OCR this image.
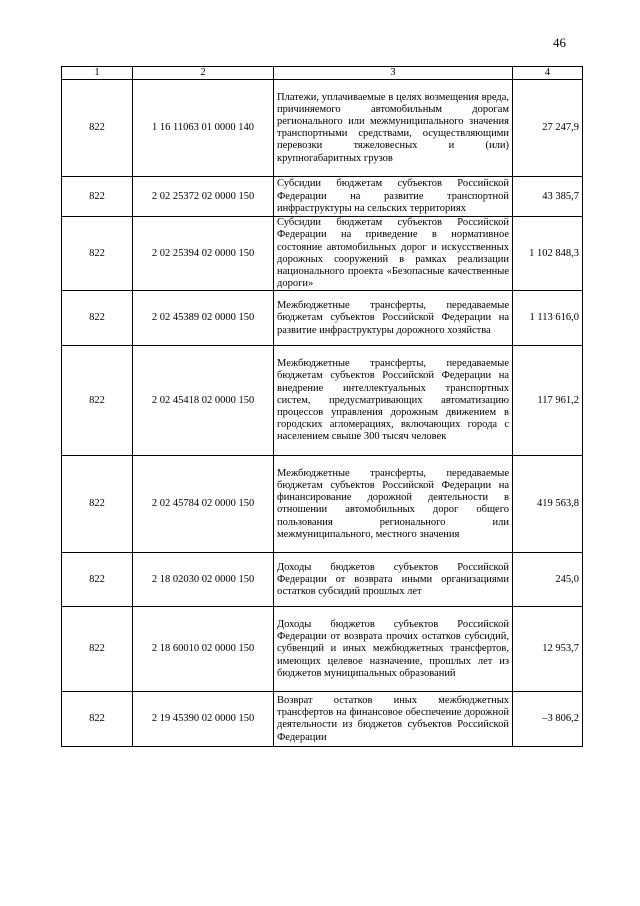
46
1	2	3	4
822	1 16 11063 01 0000 140	Платежи, уплачиваемые в целях возмещения вреда, причиняемого автомобильным дорогам регионального или межмуниципального значения транспортными средствами, осуществляющими перевозки тяжеловесных и (или) крупногабаритных грузов	27 247,9
822	2 02 25372 02 0000 150	Субсидии бюджетам субъектов Российской Федерации на развитие транспортной инфраструктуры на сельских территориях	43 385,7
822	2 02 25394 02 0000 150	Субсидии бюджетам субъектов Российской Федерации на приведение в нормативное состояние автомобильных дорог и искусственных дорожных сооружений в рамках реализации национального проекта «Безопасные качественные дороги»	1 102 848,3
822	2 02 45389 02 0000 150	Межбюджетные трансферты, передаваемые бюджетам субъектов Российской Федерации на развитие инфраструктуры дорожного хозяйства	1 113 616,0
822	2 02 45418 02 0000 150	Межбюджетные трансферты, передаваемые бюджетам субъектов Российской Федерации на внедрение интеллектуальных транспортных систем, предусматривающих автоматизацию процессов управления дорожным движением в городских агломерациях, включающих города с населением свыше 300 тысяч человек	117 961,2
822	2 02 45784 02 0000 150	Межбюджетные трансферты, передаваемые бюджетам субъектов Российской Федерации на финансирование дорожной деятельности в отношении автомобильных дорог общего пользования регионального или межмуниципального, местного значения	419 563,8
822	2 18 02030 02 0000 150	Доходы бюджетов субъектов Российской Федерации от возврата иными организациями остатков субсидий прошлых лет	245,0
822	2 18 60010 02 0000 150	Доходы бюджетов субъектов Российской Федерации от возврата прочих остатков субсидий, субвенций и иных межбюджетных трансфертов, имеющих целевое назначение, прошлых лет из бюджетов муниципальных образований	12 953,7
822	2 19 45390 02 0000 150	Возврат остатков иных межбюджетных трансфертов на финансовое обеспечение дорожной деятельности из бюджетов субъектов Российской Федерации	–3 806,2
